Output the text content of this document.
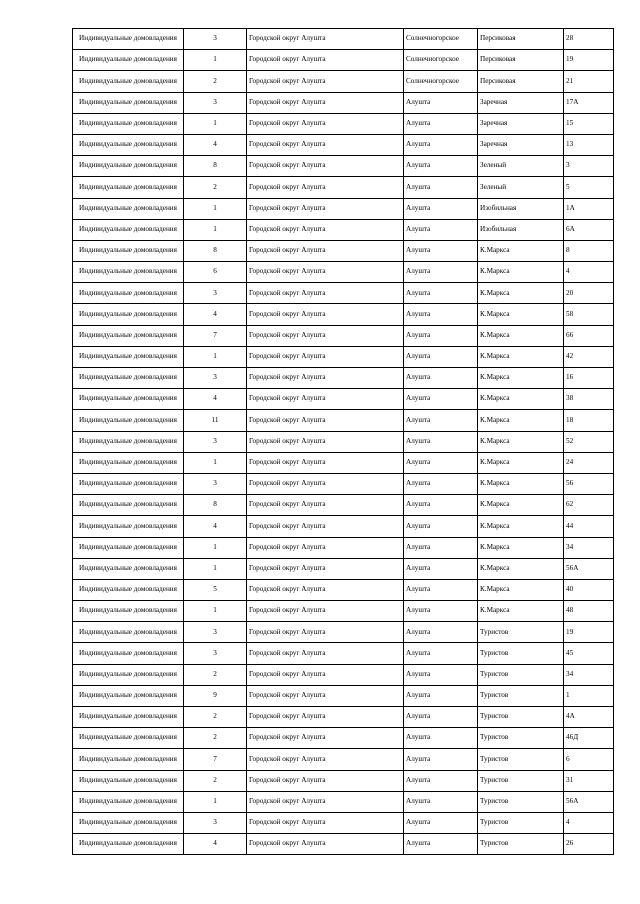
Индивидуальные домовладения	3	Городской округ Алушта	Солнечногорское	Персиковая	28
Индивидуальные домовладения	1	Городской округ Алушта	Солнечногорское	Персиковая	19
Индивидуальные домовладения	2	Городской округ Алушта	Солнечногорское	Персиковая	21
Индивидуальные домовладения	3	Городской округ Алушта	Алушта	Заречная	17А
Индивидуальные домовладения	1	Городской округ Алушта	Алушта	Заречная	15
Индивидуальные домовладения	4	Городской округ Алушта	Алушта	Заречная	13
Индивидуальные домовладения	8	Городской округ Алушта	Алушта	Зеленый	3
Индивидуальные домовладения	2	Городской округ Алушта	Алушта	Зеленый	5
Индивидуальные домовладения	1	Городской округ Алушта	Алушта	Изобильная	1А
Индивидуальные домовладения	1	Городской округ Алушта	Алушта	Изобильная	6А
Индивидуальные домовладения	8	Городской округ Алушта	Алушта	К.Маркса	8
Индивидуальные домовладения	6	Городской округ Алушта	Алушта	К.Маркса	4
Индивидуальные домовладения	3	Городской округ Алушта	Алушта	К.Маркса	20
Индивидуальные домовладения	4	Городской округ Алушта	Алушта	К.Маркса	58
Индивидуальные домовладения	7	Городской округ Алушта	Алушта	К.Маркса	66
Индивидуальные домовладения	1	Городской округ Алушта	Алушта	К.Маркса	42
Индивидуальные домовладения	3	Городской округ Алушта	Алушта	К.Маркса	16
Индивидуальные домовладения	4	Городской округ Алушта	Алушта	К.Маркса	38
Индивидуальные домовладения	11	Городской округ Алушта	Алушта	К.Маркса	18
Индивидуальные домовладения	3	Городской округ Алушта	Алушта	К.Маркса	52
Индивидуальные домовладения	1	Городской округ Алушта	Алушта	К.Маркса	24
Индивидуальные домовладения	3	Городской округ Алушта	Алушта	К.Маркса	56
Индивидуальные домовладения	8	Городской округ Алушта	Алушта	К.Маркса	62
Индивидуальные домовладения	4	Городской округ Алушта	Алушта	К.Маркса	44
Индивидуальные домовладения	1	Городской округ Алушта	Алушта	К.Маркса	34
Индивидуальные домовладения	1	Городской округ Алушта	Алушта	К.Маркса	56А
Индивидуальные домовладения	5	Городской округ Алушта	Алушта	К.Маркса	40
Индивидуальные домовладения	1	Городской округ Алушта	Алушта	К.Маркса	48
Индивидуальные домовладения	3	Городской округ Алушта	Алушта	Туристов	19
Индивидуальные домовладения	3	Городской округ Алушта	Алушта	Туристов	45
Индивидуальные домовладения	2	Городской округ Алушта	Алушта	Туристов	34
Индивидуальные домовладения	9	Городской округ Алушта	Алушта	Туристов	1
Индивидуальные домовладения	2	Городской округ Алушта	Алушта	Туристов	4А
Индивидуальные домовладения	2	Городской округ Алушта	Алушта	Туристов	46Д
Индивидуальные домовладения	7	Городской округ Алушта	Алушта	Туристов	6
Индивидуальные домовладения	2	Городской округ Алушта	Алушта	Туристов	31
Индивидуальные домовладения	1	Городской округ Алушта	Алушта	Туристов	56А
Индивидуальные домовладения	3	Городской округ Алушта	Алушта	Туристов	4
Индивидуальные домовладения	4	Городской округ Алушта	Алушта	Туристов	26
